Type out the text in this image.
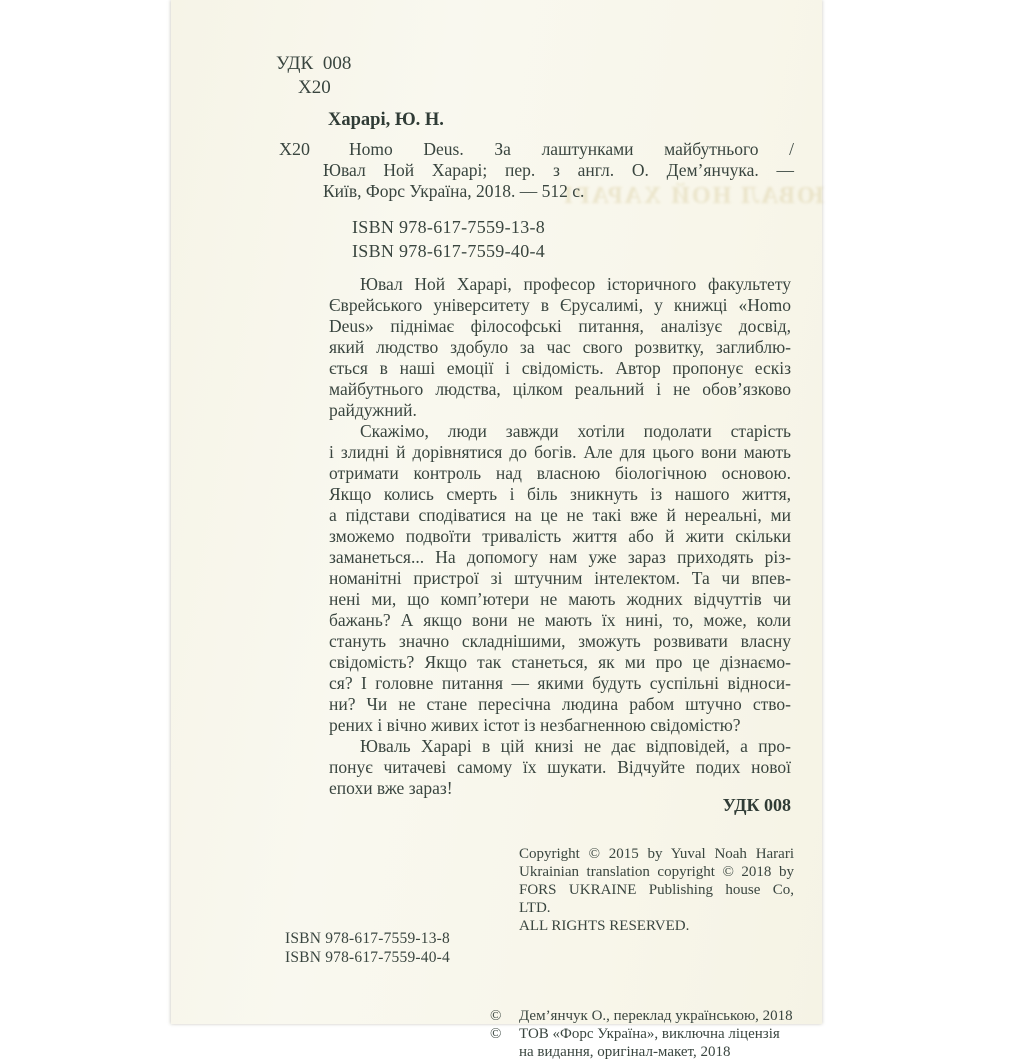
ЮВАЛ НОЙ ХАРАРІ
УДК 008
Х20
Харарі, Ю. Н.
Х20	Homo Deus. За лаштунками майбутнього /
Ювал Ной Харарі; пер. з англ. О. Дем’янчука. —
Київ, Форс Україна, 2018. — 512 с.
ISBN 978-617-7559-13-8
ISBN 978-617-7559-40-4
Ювал Ной Харарі, професор історичного факультету
Єврейського університету в Єрусалимі, у книжці «Homo
Deus» піднімає філософські питання, аналізує досвід,
який людство здобуло за час свого розвитку, заглиблю-
ється в наші емоції і свідомість. Автор пропонує ескіз
майбутнього людства, цілком реальний і не обов’язково
райдужний.
Скажімо, люди завжди хотіли подолати старість
і злидні й дорівнятися до богів. Але для цього вони мають
отримати контроль над власною біологічною основою.
Якщо колись смерть і біль зникнуть із нашого життя,
а підстави сподіватися на це не такі вже й нереальні, ми
зможемо подвоїти тривалість життя або й жити скільки
заманеться... На допомогу нам уже зараз приходять різ-
номанітні пристрої зі штучним інтелектом. Та чи впев-
нені ми, що комп’ютери не мають жодних відчуттів чи
бажань? А якщо вони не мають їх нині, то, може, коли
стануть значно складнішими, зможуть розвивати власну
свідомість? Якщо так станеться, як ми про це дізнаємо-
ся? І головне питання — якими будуть суспільні відноси-
ни? Чи не стане пересічна людина рабом штучно ство-
рених і вічно живих істот із незбагненною свідомістю?
Юваль Харарі в цій книзі не дає відповідей, а про-
понує читачеві самому їх шукати. Відчуйте подих нової
епохи вже зараз!
УДК 008
Copyright © 2015 by Yuval Noah Harari
Ukrainian translation copyright © 2018 by
FORS UKRAINE Publishing house Co, LTD.
ALL RIGHTS RESERVED.
©	Дем’янчук О., переклад українською, 2018
©	ТОВ «Форс Україна», виключна ліцензія
на видання, оригінал-макет, 2018
ISBN 978-617-7559-13-8
ISBN 978-617-7559-40-4
